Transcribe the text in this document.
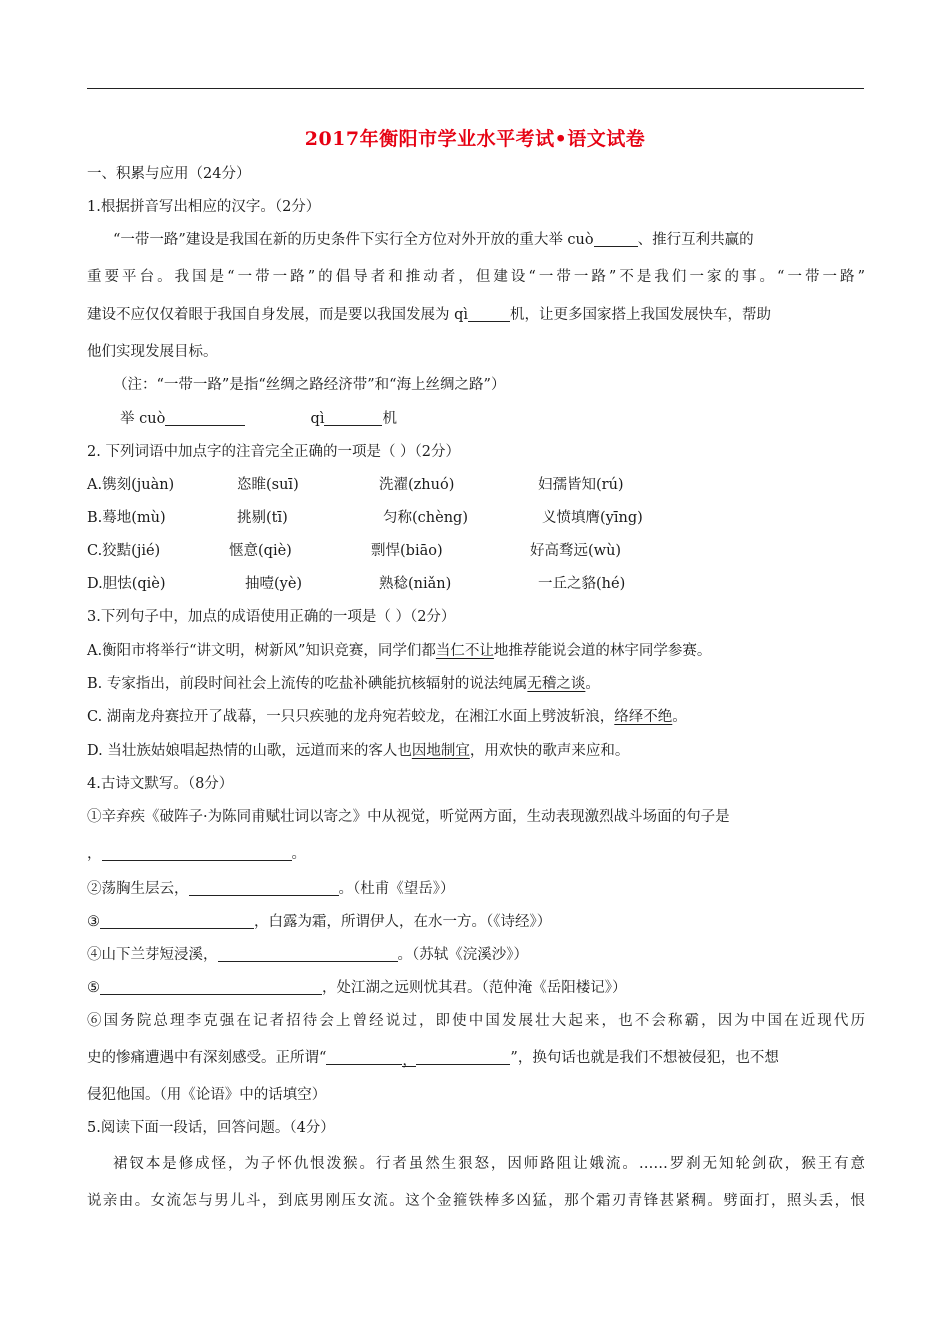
2017年衡阳市学业水平考试•语文试卷
一、积累与应用（24分）
1.根据拼音写出相应的汉字。（2分）
“一带一路”建设是我国在新的历史条件下实行全方位对外开放的重大举 cuò	、推行互利共赢的
重要平台。我国是“一带一路”的倡导者和推动者，但建设“一带一路”不是我们一家的事。“一带一路”
建设不应仅仅着眼于我国自身发展，而是要以我国发展为 qì	机，让更多国家搭上我国发展快车，帮助
他们实现发展目标。
（注：“一带一路”是指“丝绸之路经济带”和“海上丝绸之路”）
举 cuò	qì	机
2. 下列词语中加点字的注音完全正确的一项是（ ）（2分）
A.镌刻(juàn)	恣睢(suī)	洗濯(zhuó)	妇孺皆知(rú)
B.蓦地(mù)	挑剔(tī)	匀称(chèng)	义愤填膺(yīng)
C.狡黠(jié)	惬意(qiè)	剽悍(biāo)	好高骛远(wù)
D.胆怯(qiè)	抽噎(yè)	熟稔(niǎn)	一丘之貉(hé)
3.下列句子中，加点的成语使用正确的一项是（ ）（2分）
A.衡阳市将举行“讲文明，树新风”知识竞赛，同学们都当仁不让地推荐能说会道的林宇同学参赛。
B. 专家指出，前段时间社会上流传的吃盐补碘能抗核辐射的说法纯属无稽之谈。
C. 湖南龙舟赛拉开了战幕，一只只疾驰的龙舟宛若蛟龙，在湘江水面上劈波斩浪，络绎不绝。
D. 当壮族姑娘唱起热情的山歌，远道而来的客人也因地制宜，用欢快的歌声来应和。
4.古诗文默写。（8分）
①辛弃疾《破阵子·为陈同甫赋壮词以寄之》中从视觉，听觉两方面，生动表现激烈战斗场面的句子是
，	。
②荡胸生层云，	。（杜甫《望岳》）
③	，白露为霜，所谓伊人，在水一方。（《诗经》）
④山下兰芽短浸溪，	。（苏轼《浣溪沙》）
⑤	，处江湖之远则忧其君。（范仲淹《岳阳楼记》）
⑥国务院总理李克强在记者招待会上曾经说过，即使中国发展壮大起来，也不会称霸，因为中国在近现代历
史的惨痛遭遇中有深刻感受。正所谓“	，	”，换句话也就是我们不想被侵犯，也不想
侵犯他国。（用《论语》中的话填空）
5.阅读下面一段话，回答问题。（4分）
裙钗本是修成怪，为子怀仇恨泼猴。行者虽然生狠怒，因师路阻让娥流。……罗刹无知轮剑砍，猴王有意
说亲由。女流怎与男儿斗，到底男刚压女流。这个金箍铁棒多凶猛，那个霜刃青锋甚紧稠。劈面打，照头丢，恨
